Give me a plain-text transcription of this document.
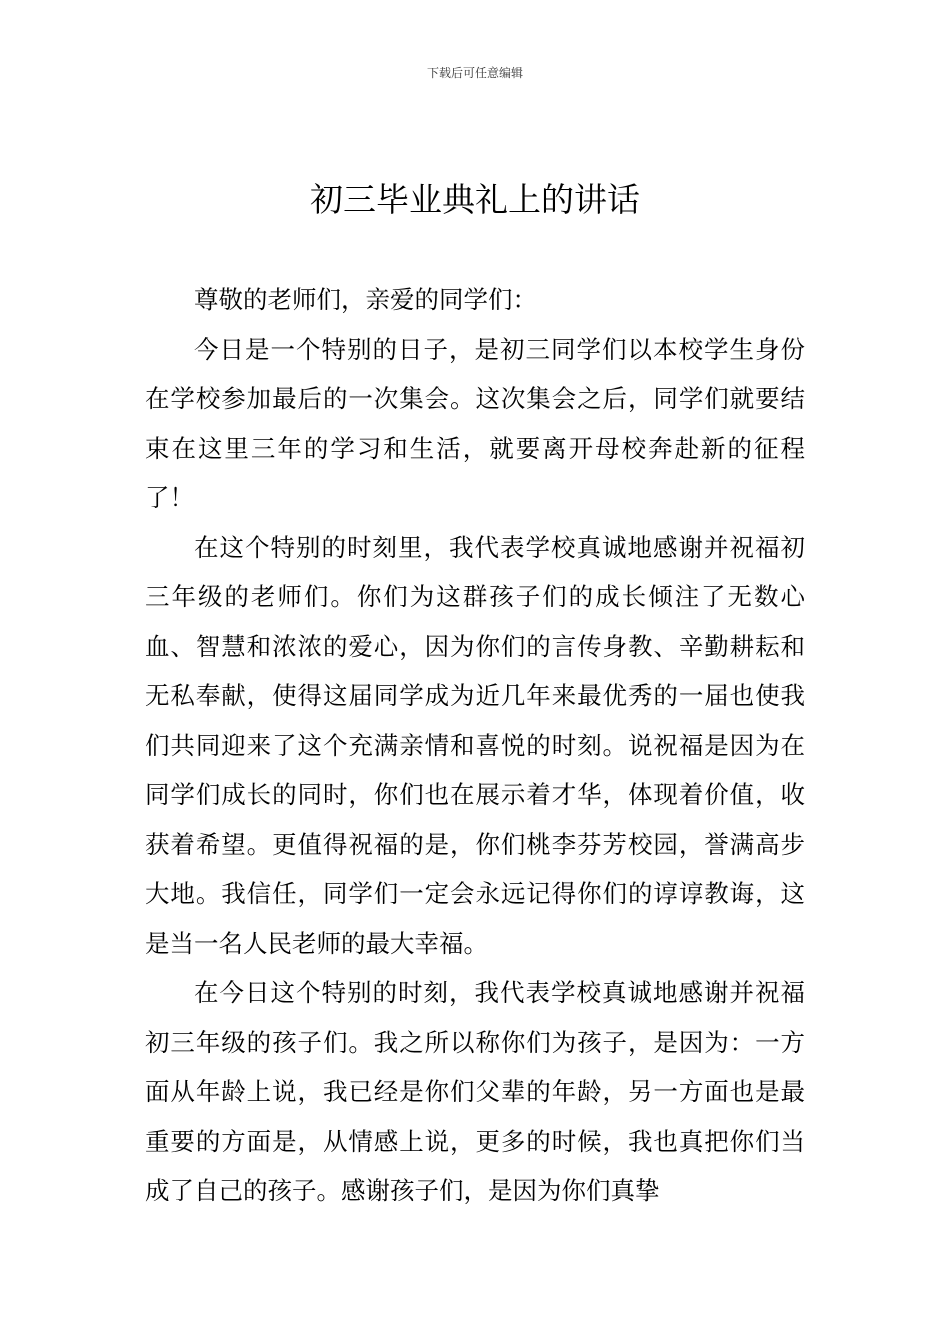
下载后可任意编辑
初三毕业典礼上的讲话

尊敬的老师们，亲爱的同学们：

今日是一个特别的日子，是初三同学们以本校学生身份在学校参加最后的一次集会。这次集会之后，同学们就要结束在这里三年的学习和生活，就要离开母校奔赴新的征程了！

在这个特别的时刻里，我代表学校真诚地感谢并祝福初三年级的老师们。你们为这群孩子们的成长倾注了无数心血、智慧和浓浓的爱心，因为你们的言传身教、辛勤耕耘和无私奉献，使得这届同学成为近几年来最优秀的一届也使我们共同迎来了这个充满亲情和喜悦的时刻。说祝福是因为在同学们成长的同时，你们也在展示着才华，体现着价值，收获着希望。更值得祝福的是，你们桃李芬芳校园，誉满高步大地。我信任，同学们一定会永远记得你们的谆谆教诲，这是当一名人民老师的最大幸福。

在今日这个特别的时刻，我代表学校真诚地感谢并祝福初三年级的孩子们。我之所以称你们为孩子，是因为：一方面从年龄上说，我已经是你们父辈的年龄，另一方面也是最重要的方面是，从情感上说，更多的时候，我也真把你们当成了自己的孩子。感谢孩子们，是因为你们真挚
